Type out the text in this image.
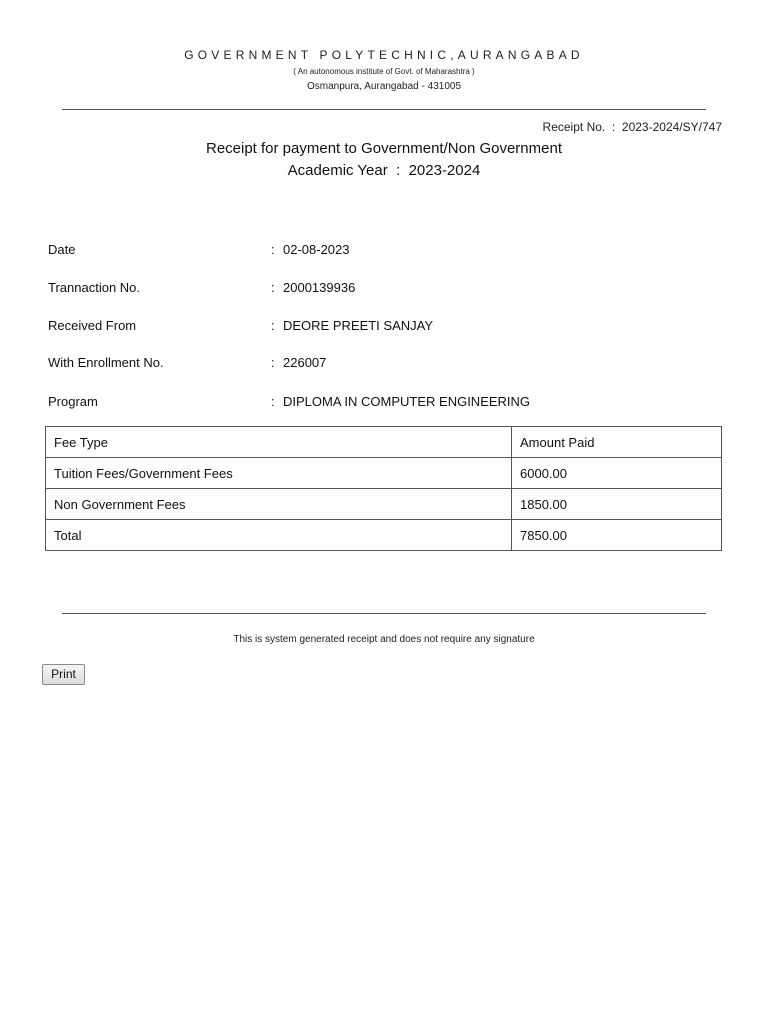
GOVERNMENT POLYTECHNIC,AURANGABAD
( An autonomous institute of Govt. of Maharashtra )
Osmanpura, Aurangabad - 431005
Receipt No.  :  2023-2024/SY/747
Receipt for payment to Government/Non Government
Academic Year  :  2023-2024
Date	: 02-08-2023
Trannaction No.	: 2000139936
Received From	: DEORE PREETI SANJAY
With Enrollment No.	: 226007
Program	: DIPLOMA IN COMPUTER ENGINEERING
Fee Type	Amount Paid
Tuition Fees/Government Fees	6000.00
Non Government Fees	1850.00
Total	7850.00
This is system generated receipt and does not require any signature
Print
